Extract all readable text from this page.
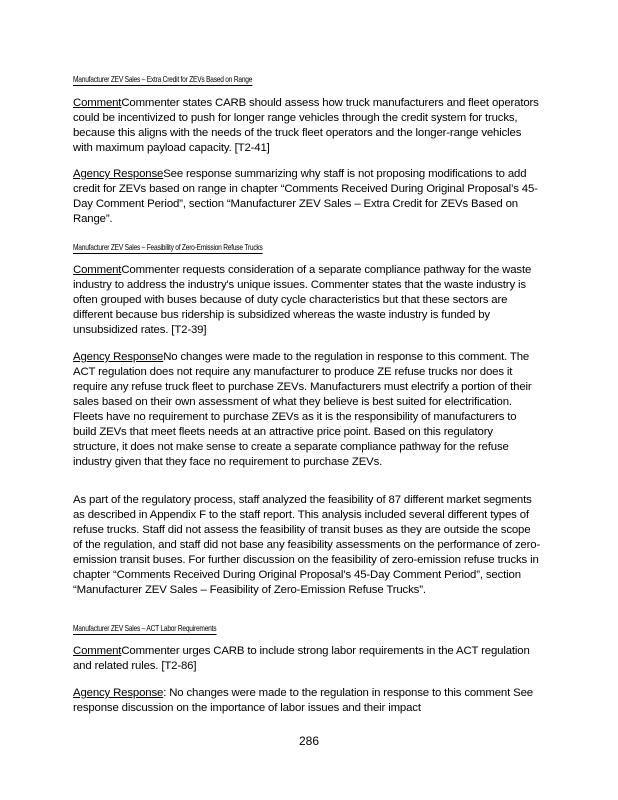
Manufacturer ZEV Sales – Extra Credit for ZEVs Based on Range
CommentCommenter states CARB should assess how truck manufacturers and fleet operators could be incentivized to push for longer range vehicles through the credit system for trucks, because this aligns with the needs of the truck fleet operators and the longer-range vehicles with maximum payload capacity. [T2-41]
Agency ResponseSee response summarizing why staff is not proposing modifications to add credit for ZEVs based on range in chapter “Comments Received During Original Proposal’s 45-Day Comment Period”, section “Manufacturer ZEV Sales – Extra Credit for ZEVs Based on Range”.
Manufacturer ZEV Sales – Feasibility of Zero-Emission Refuse Trucks
CommentCommenter requests consideration of a separate compliance pathway for the waste industry to address the industry's unique issues. Commenter states that the waste industry is often grouped with buses because of duty cycle characteristics but that these sectors are different because bus ridership is subsidized whereas the waste industry is funded by unsubsidized rates. [T2-39]
Agency ResponseNo changes were made to the regulation in response to this comment. The ACT regulation does not require any manufacturer to produce ZE refuse trucks nor does it require any refuse truck fleet to purchase ZEVs. Manufacturers must electrify a portion of their sales based on their own assessment of what they believe is best suited for electrification. Fleets have no requirement to purchase ZEVs as it is the responsibility of manufacturers to build ZEVs that meet fleets needs at an attractive price point. Based on this regulatory structure, it does not make sense to create a separate compliance pathway for the refuse industry given that they face no requirement to purchase ZEVs.
As part of the regulatory process, staff analyzed the feasibility of 87 different market segments as described in Appendix F to the staff report. This analysis included several different types of refuse trucks. Staff did not assess the feasibility of transit buses as they are outside the scope of the regulation, and staff did not base any feasibility assessments on the performance of zero-emission transit buses. For further discussion on the feasibility of zero-emission refuse trucks in chapter “Comments Received During Original Proposal’s 45-Day Comment Period”, section “Manufacturer ZEV Sales – Feasibility of Zero-Emission Refuse Trucks”.
Manufacturer ZEV Sales – ACT Labor Requirements
CommentCommenter urges CARB to include strong labor requirements in the ACT regulation and related rules. [T2-86]
Agency Response: No changes were made to the regulation in response to this comment See response discussion on the importance of labor issues and their impact
286
